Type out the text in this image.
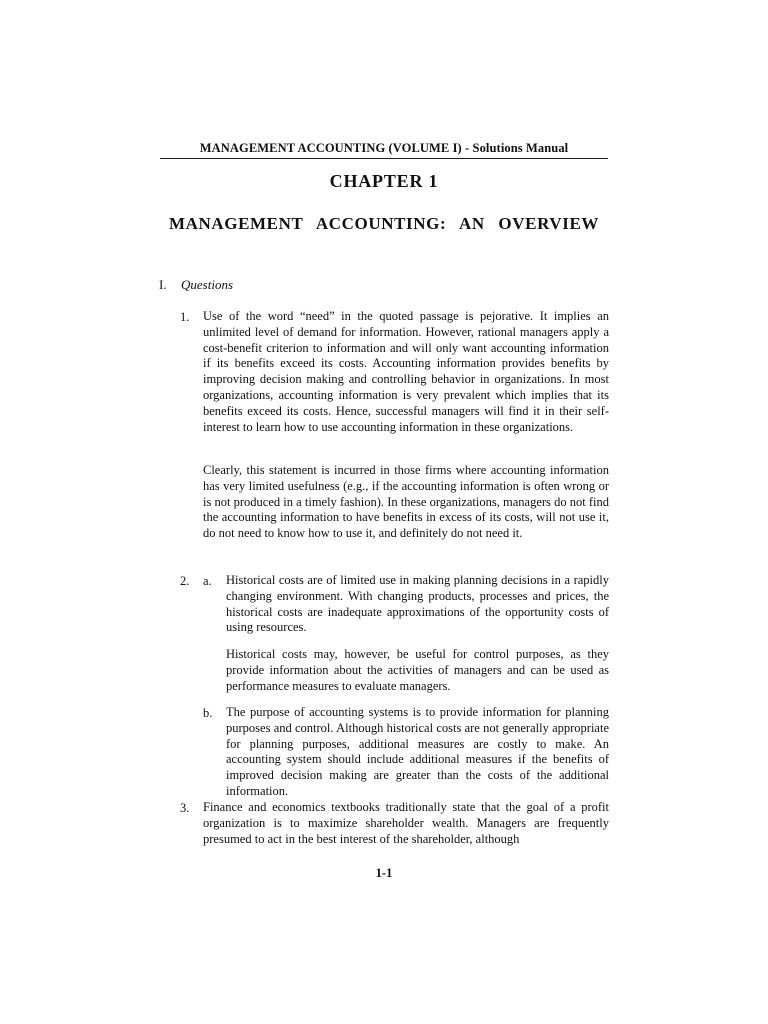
MANAGEMENT ACCOUNTING (VOLUME I) - Solutions Manual
CHAPTER 1
MANAGEMENT  ACCOUNTING:  AN  OVERVIEW
I. Questions
1. Use of the word “need” in the quoted passage is pejorative. It implies an unlimited level of demand for information. However, rational managers apply a cost-benefit criterion to information and will only want accounting information if its benefits exceed its costs. Accounting information provides benefits by improving decision making and controlling behavior in organizations. In most organizations, accounting information is very prevalent which implies that its benefits exceed its costs. Hence, successful managers will find it in their self-interest to learn how to use accounting information in these organizations.

Clearly, this statement is incurred in those firms where accounting information has very limited usefulness (e.g., if the accounting information is often wrong or is not produced in a timely fashion). In these organizations, managers do not find the accounting information to have benefits in excess of its costs, will not use it, do not need to know how to use it, and definitely do not need it.

2. a. Historical costs are of limited use in making planning decisions in a rapidly changing environment. With changing products, processes and prices, the historical costs are inadequate approximations of the opportunity costs of using resources.

Historical costs may, however, be useful for control purposes, as they provide information about the activities of managers and can be used as performance measures to evaluate managers.

b. The purpose of accounting systems is to provide information for planning purposes and control. Although historical costs are not generally appropriate for planning purposes, additional measures are costly to make. An accounting system should include additional measures if the benefits of improved decision making are greater than the costs of the additional information.

3. Finance and economics textbooks traditionally state that the goal of a profit organization is to maximize shareholder wealth. Managers are frequently presumed to act in the best interest of the shareholder, although

1-1
